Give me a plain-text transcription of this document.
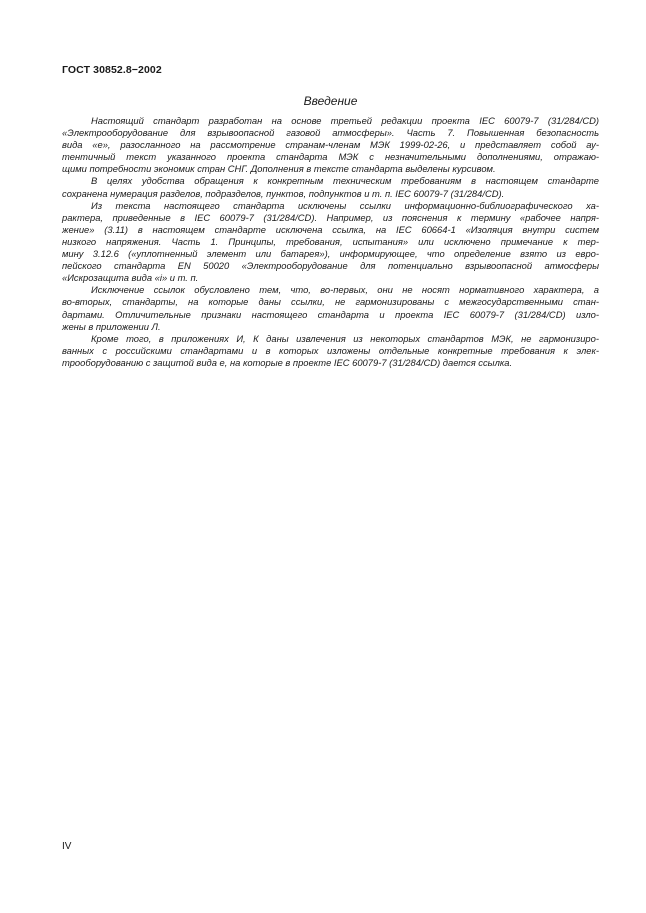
ГОСТ 30852.8−2002
Введение
Настоящий стандарт разработан на основе третьей редакции проекта IEC 60079-7 (31/284/CD)
«Электрооборудование для взрывоопасной газовой атмосферы». Часть 7. Повышенная безопасность
вида «е», разосланного на рассмотрение странам-членам МЭК 1999-02-26, и представляет собой ау-
тентичный текст указанного проекта стандарта МЭК с незначительными дополнениями, отражаю-
щими потребности экономик стран СНГ. Дополнения в тексте стандарта выделены курсивом.
В целях удобства обращения к конкретным техническим требованиям в настоящем стандарте
сохранена нумерация разделов, подразделов, пунктов, подпунктов и т. п. IEC 60079-7 (31/284/CD).
Из текста настоящего стандарта исключены ссылки информационно-библиографического ха-
рактера, приведенные в IEC 60079-7 (31/284/CD). Например, из пояснения к термину «рабочее напря-
жение» (3.11) в настоящем стандарте исключена ссылка, на IEC 60664-1 «Изоляция внутри систем
низкого напряжения. Часть 1. Принципы, требования, испытания» или исключено примечание к тер-
мину 3.12.6 («уплотненный элемент или батарея»), информирующее, что определение взято из евро-
пейского стандарта EN 50020 «Электрооборудование для потенциально взрывоопасной атмосферы
«Искрозащита вида «i» и т. п.
Исключение ссылок обусловлено тем, что, во-первых, они не носят нормативного характера, а
во-вторых, стандарты, на которые даны ссылки, не гармонизированы с межгосударственными стан-
дартами. Отличительные признаки настоящего стандарта и проекта IEC 60079-7 (31/284/CD) изло-
жены в приложении Л.
Кроме того, в приложениях И, К даны извлечения из некоторых стандартов МЭК, не гармонизиро-
ванных с российскими стандартами и в которых изложены отдельные конкретные требования к элек-
трооборудованию с защитой вида е, на которые в проекте IEC 60079-7 (31/284/CD) дается ссылка.
IV
